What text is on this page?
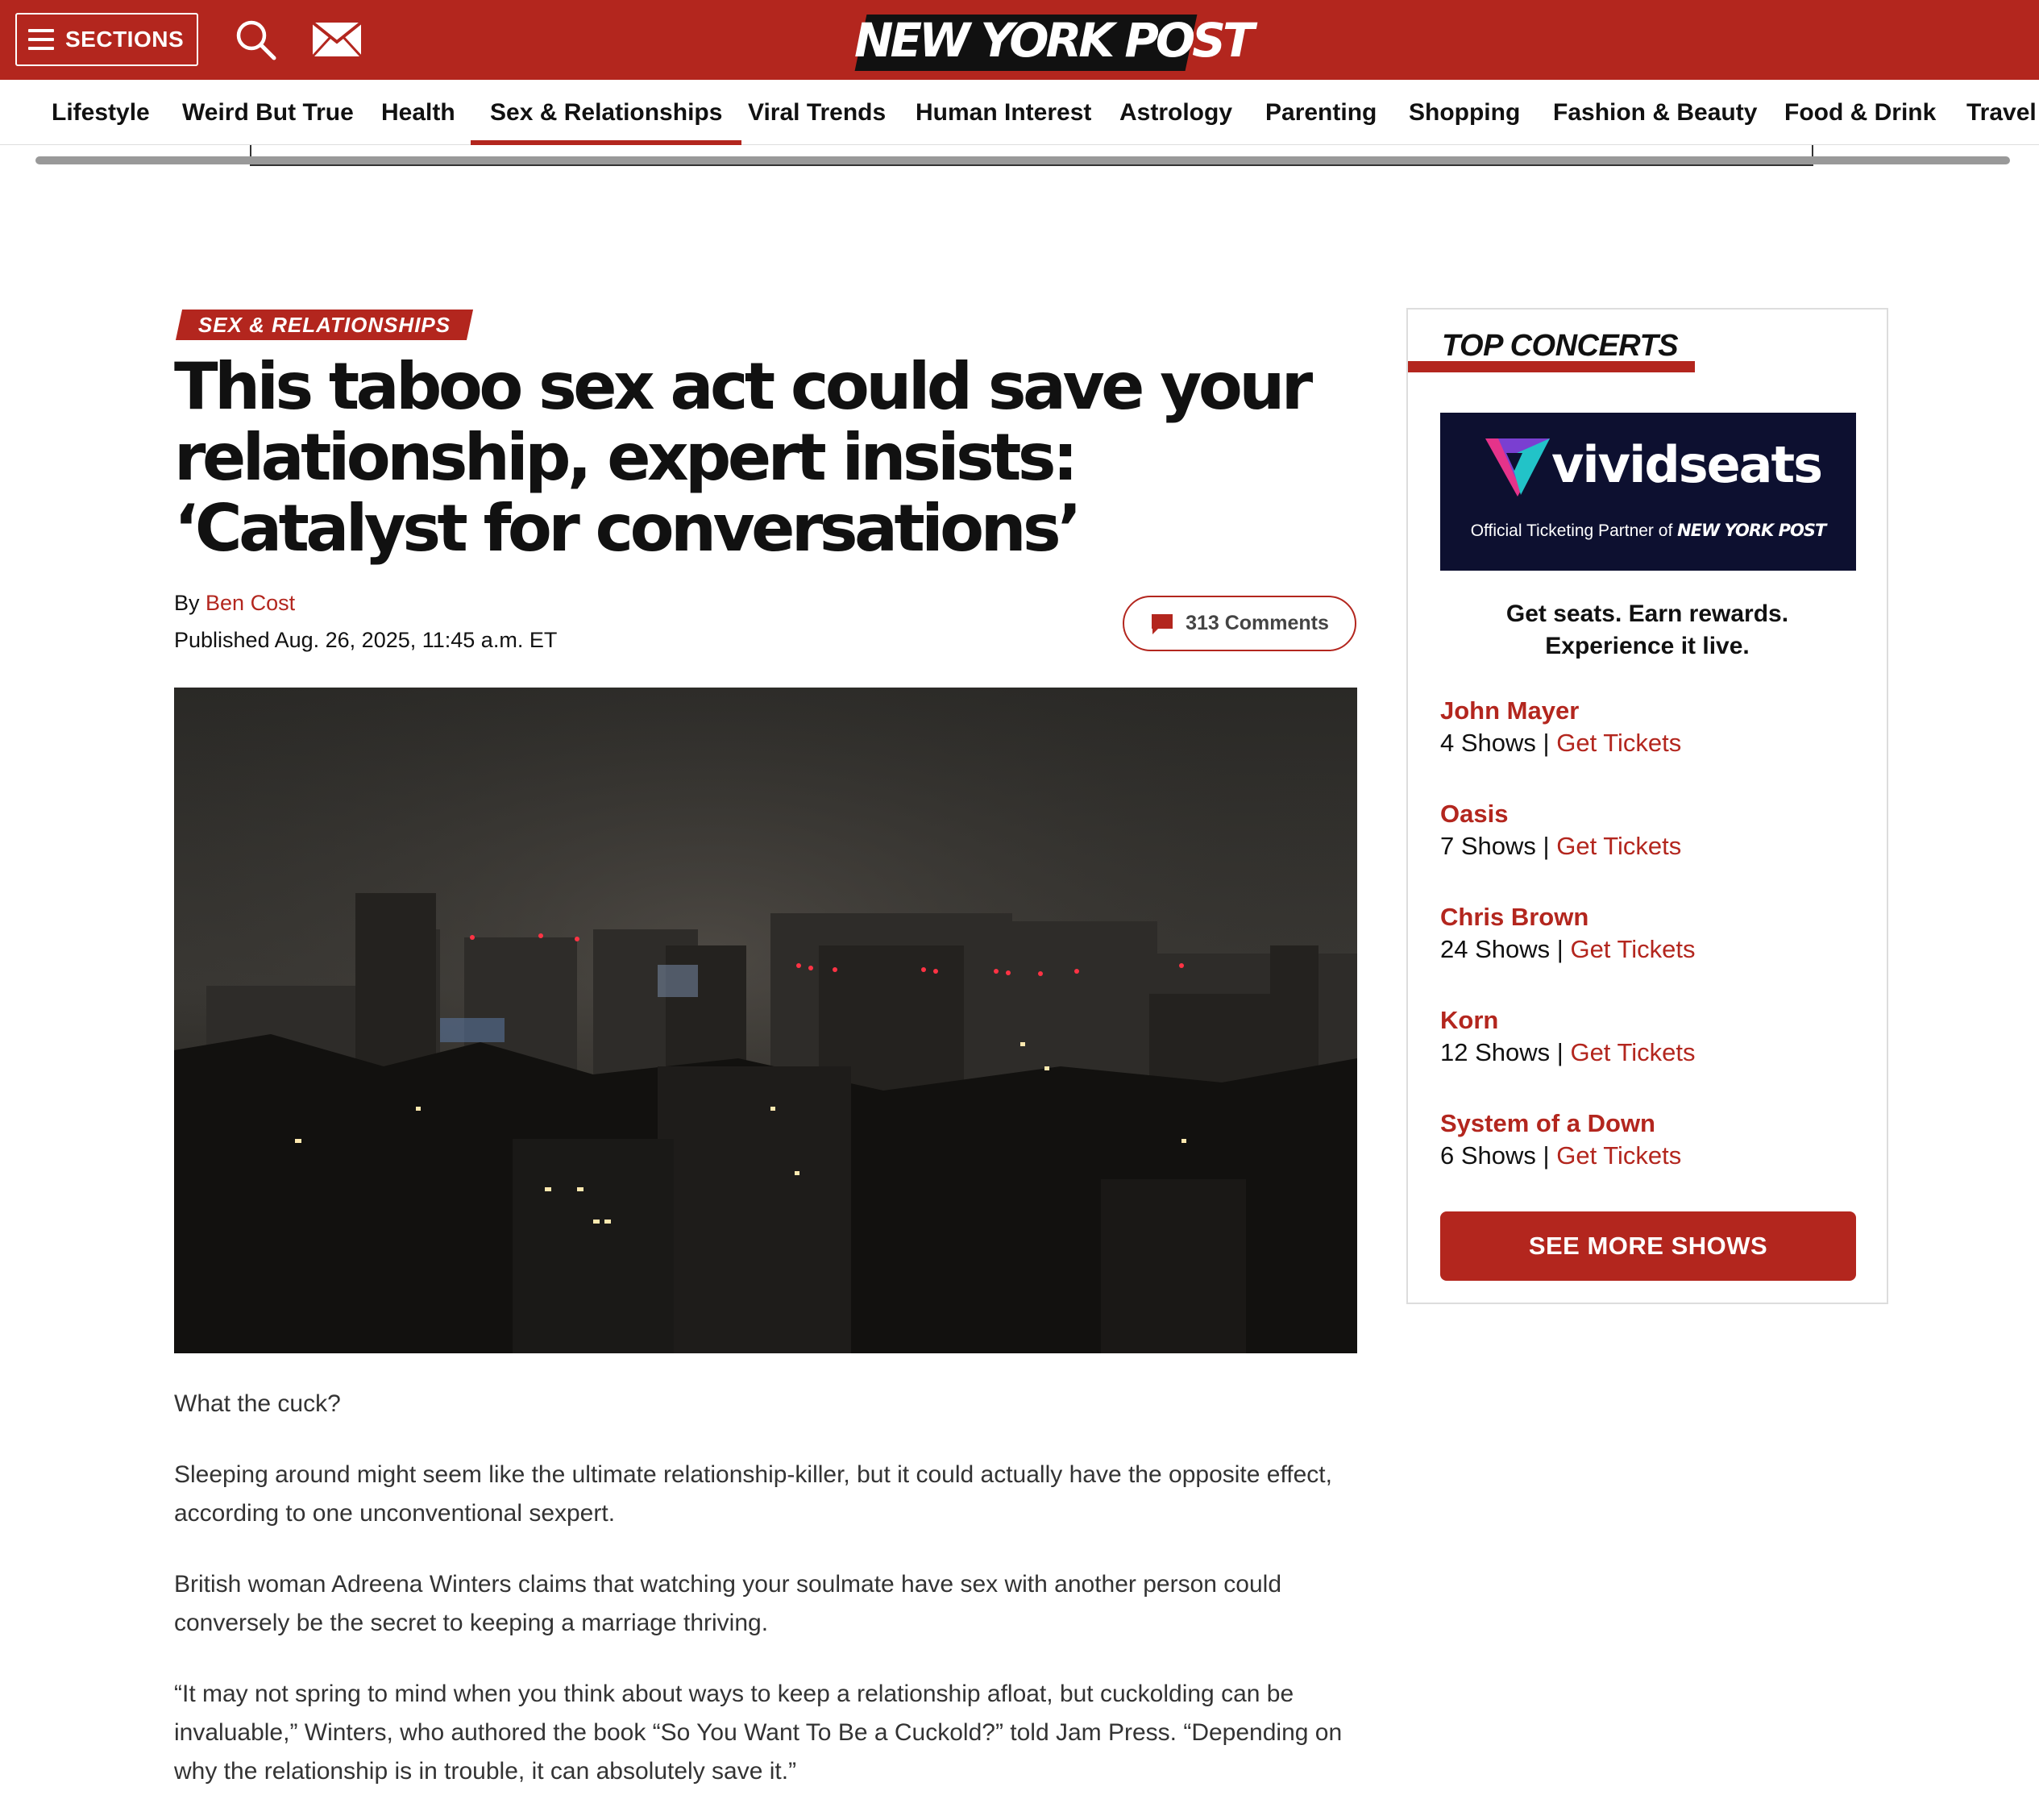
SECTIONS	NEW YORK POST
Lifestyle Weird But True Health Sex & Relationships Viral Trends Human Interest Astrology Parenting Shopping Fashion & Beauty Food & Drink Travel
SEX & RELATIONSHIPS
This taboo sex act could save your relationship, expert insists: ‘Catalyst for conversations’
By Ben Cost
Published Aug. 26, 2025, 11:45 a.m. ET
313 Comments

What the cuck?

Sleeping around might seem like the ultimate relationship-killer, but it could actually have the opposite effect, according to one unconventional sexpert.

British woman Adreena Winters claims that watching your soulmate have sex with another person could conversely be the secret to keeping a marriage thriving.

“It may not spring to mind when you think about ways to keep a relationship afloat, but cuckolding can be invaluable,” Winters, who authored the book “So You Want To Be a Cuckold?” told Jam Press. “Depending on why the relationship is in trouble, it can absolutely save it.”

TOP CONCERTS
vividseats
Official Ticketing Partner of NEW YORK POST
Get seats. Earn rewards.
Experience it live.
John Mayer
4 Shows | Get Tickets
Oasis
7 Shows | Get Tickets
Chris Brown
24 Shows | Get Tickets
Korn
12 Shows | Get Tickets
System of a Down
6 Shows | Get Tickets
SEE MORE SHOWS
